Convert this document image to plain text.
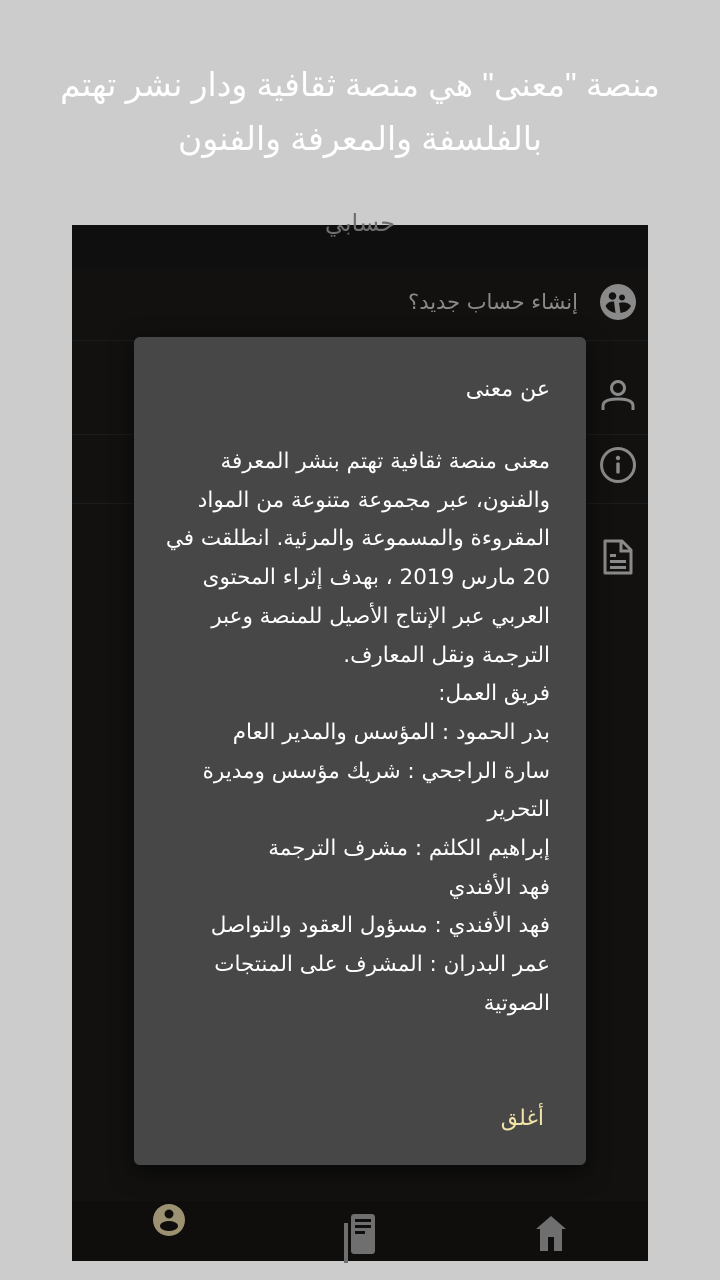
منصة "معنى" هي منصة ثقافية ودار نشر تهتم بالفلسفة والمعرفة والفنون
حسابي
إنشاء حساب جديد؟
عن معنى

معنى منصة ثقافية تهتم بنشر المعرفة والفنون، عبر مجموعة متنوعة من المواد المقروءة والمسموعة والمرئية. انطلقت في 20 مارس 2019 ، بهدف إثراء المحتوى العربي عبر الإنتاج الأصيل للمنصة وعبر الترجمة ونقل المعارف.

فريق العمل:

بدر الحمود : المؤسس والمدير العام

سارة الراجحي : شريك مؤسس ومديرة التحرير

إبراهيم الكلثم : مشرف الترجمة

فهد الأفندي

فهد الأفندي : مسؤول العقود والتواصل

عمر البدران : المشرف على المنتجات الصوتية

أغلق
